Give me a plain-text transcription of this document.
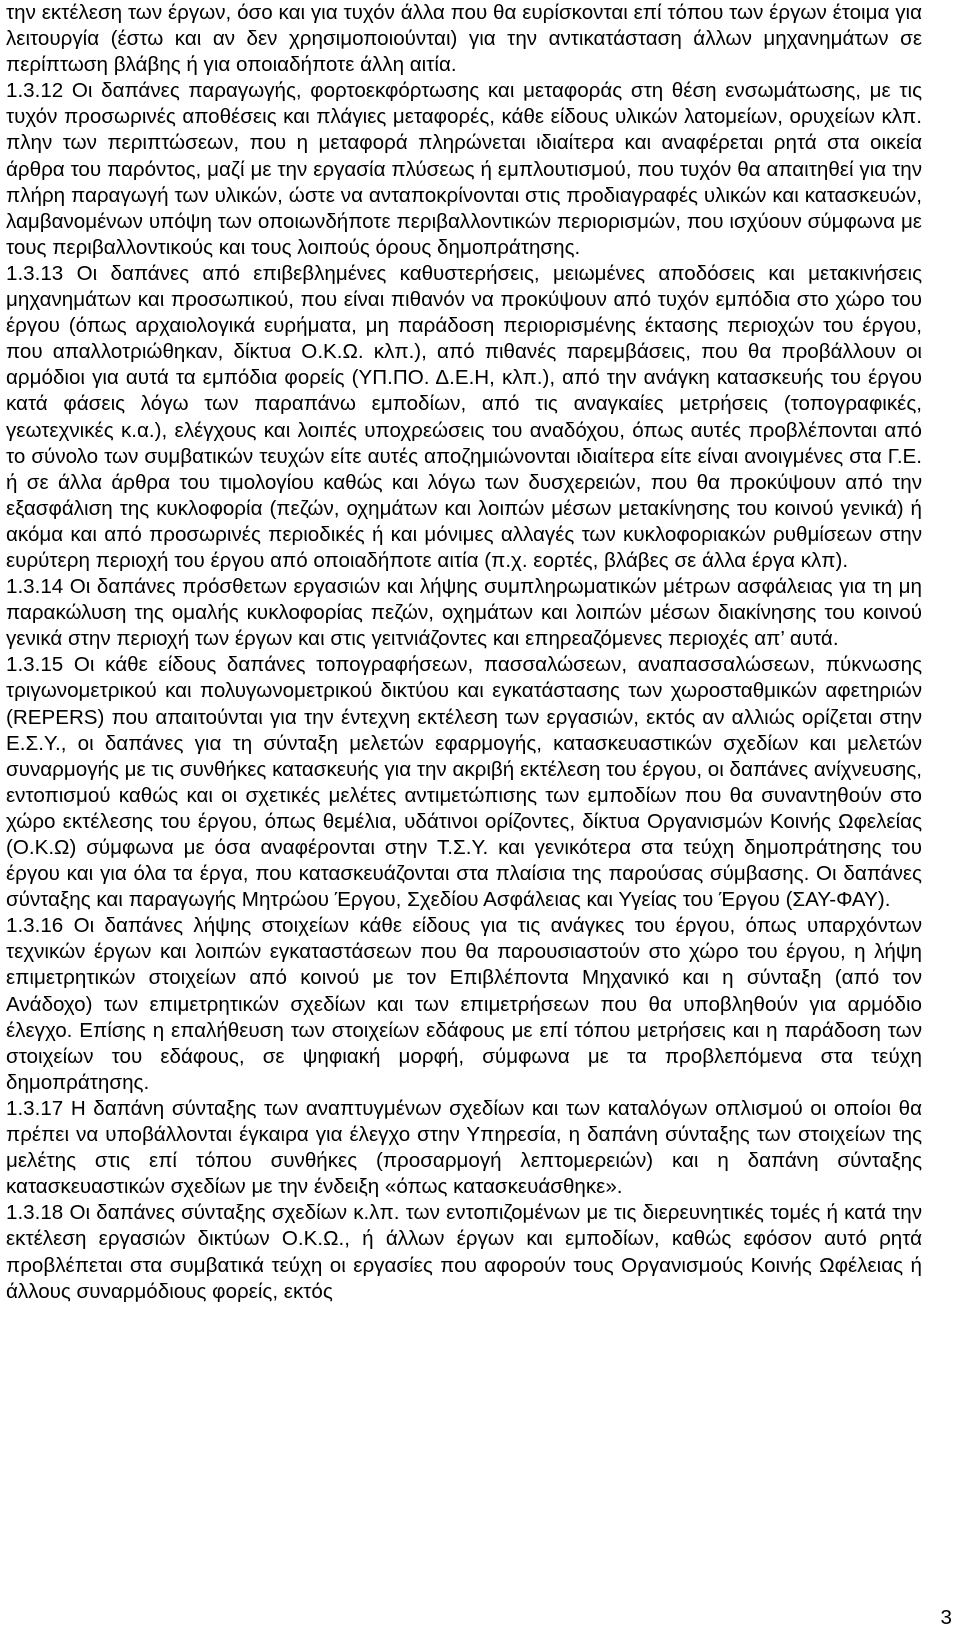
την εκτέλεση των έργων, όσο και για τυχόν άλλα που θα ευρίσκονται επί τόπου των έργων έτοιμα για λειτουργία (έστω και αν δεν χρησιμοποιούνται) για την αντικατάσταση άλλων μηχανημάτων σε περίπτωση βλάβης ή για οποιαδήποτε άλλη αιτία.

1.3.12 Οι δαπάνες παραγωγής, φορτοεκφόρτωσης και μεταφοράς στη θέση ενσωμάτωσης, με τις τυχόν προσωρινές αποθέσεις και πλάγιες μεταφορές, κάθε είδους υλικών λατομείων, ορυχείων κλπ. πλην των περιπτώσεων, που η μεταφορά πληρώνεται ιδιαίτερα και αναφέρεται ρητά στα οικεία άρθρα του παρόντος, μαζί με την εργασία πλύσεως ή εμπλουτισμού, που τυχόν θα απαιτηθεί για την πλήρη παραγωγή των υλικών, ώστε να ανταποκρίνονται στις προδιαγραφές υλικών και κατασκευών, λαμβανομένων υπόψη των οποιωνδήποτε περιβαλλοντικών περιορισμών, που ισχύουν σύμφωνα με τους περιβαλλοντικούς και τους λοιπούς όρους δημοπράτησης.

1.3.13 Οι δαπάνες από επιβεβλημένες καθυστερήσεις, μειωμένες αποδόσεις και μετακινήσεις μηχανημάτων και προσωπικού, που είναι πιθανόν να προκύψουν από τυχόν εμπόδια στο χώρο του έργου (όπως αρχαιολογικά ευρήματα, μη παράδοση περιορισμένης έκτασης περιοχών του έργου, που απαλλοτριώθηκαν, δίκτυα Ο.Κ.Ω. κλπ.), από πιθανές παρεμβάσεις, που θα προβάλλουν οι αρμόδιοι για αυτά τα εμπόδια φορείς (ΥΠ.ΠΟ. Δ.Ε.Η, κλπ.), από την ανάγκη κατασκευής του έργου κατά φάσεις λόγω των παραπάνω εμποδίων, από τις αναγκαίες μετρήσεις (τοπογραφικές, γεωτεχνικές κ.α.), ελέγχους και λοιπές υποχρεώσεις του αναδόχου, όπως αυτές προβλέπονται από το σύνολο των συμβατικών τευχών είτε αυτές αποζημιώνονται ιδιαίτερα είτε είναι ανοιγμένες στα Γ.Ε. ή σε άλλα άρθρα του τιμολογίου καθώς και λόγω των δυσχερειών, που θα προκύψουν από την εξασφάλιση της κυκλοφορία (πεζών, οχημάτων και λοιπών μέσων μετακίνησης του κοινού γενικά) ή ακόμα και από προσωρινές περιοδικές ή και μόνιμες αλλαγές των κυκλοφοριακών ρυθμίσεων στην ευρύτερη περιοχή του έργου από οποιαδήποτε αιτία (π.χ. εορτές, βλάβες σε άλλα έργα κλπ).

1.3.14 Οι δαπάνες πρόσθετων εργασιών και λήψης συμπληρωματικών μέτρων ασφάλειας για τη μη παρακώλυση της ομαλής κυκλοφορίας πεζών, οχημάτων και λοιπών μέσων διακίνησης του κοινού γενικά στην περιοχή των έργων και στις γειτνιάζοντες και επηρεαζόμενες περιοχές απ’ αυτά.

1.3.15 Οι κάθε είδους δαπάνες τοπογραφήσεων, πασσαλώσεων, αναπασσαλώσεων, πύκνωσης τριγωνομετρικού και πολυγωνομετρικού δικτύου και εγκατάστασης των χωροσταθμικών αφετηριών (REPERS) που απαιτούνται για την έντεχνη εκτέλεση των εργασιών, εκτός αν αλλιώς ορίζεται στην Ε.Σ.Υ., οι δαπάνες για τη σύνταξη μελετών εφαρμογής, κατασκευαστικών σχεδίων και μελετών συναρμογής με τις συνθήκες κατασκευής για την ακριβή εκτέλεση του έργου, οι δαπάνες ανίχνευσης, εντοπισμού καθώς και οι σχετικές μελέτες αντιμετώπισης των εμποδίων που θα συναντηθούν στο χώρο εκτέλεσης του έργου, όπως θεμέλια, υδάτινοι ορίζοντες, δίκτυα Οργανισμών Κοινής Ωφελείας (Ο.Κ.Ω) σύμφωνα με όσα αναφέρονται στην Τ.Σ.Υ. και γενικότερα στα τεύχη δημοπράτησης του έργου και για όλα τα έργα, που κατασκευάζονται στα πλαίσια της παρούσας σύμβασης. Οι δαπάνες σύνταξης και παραγωγής Μητρώου Έργου, Σχεδίου Ασφάλειας και Υγείας του Έργου (ΣΑΥ-ΦΑΥ).

1.3.16 Οι δαπάνες λήψης στοιχείων κάθε είδους για τις ανάγκες του έργου, όπως υπαρχόντων τεχνικών έργων και λοιπών εγκαταστάσεων που θα παρουσιαστούν στο χώρο του έργου, η λήψη επιμετρητικών στοιχείων από κοινού με τον Επιβλέποντα Μηχανικό και η σύνταξη (από τον Ανάδοχο) των επιμετρητικών σχεδίων και των επιμετρήσεων που θα υποβληθούν για αρμόδιο έλεγχο. Επίσης η επαλήθευση των στοιχείων εδάφους με επί τόπου μετρήσεις και η παράδοση των στοιχείων του εδάφους, σε ψηφιακή μορφή, σύμφωνα με τα προβλεπόμενα στα τεύχη δημοπράτησης.

1.3.17 Η δαπάνη σύνταξης των αναπτυγμένων σχεδίων και των καταλόγων οπλισμού οι οποίοι θα πρέπει να υποβάλλονται έγκαιρα για έλεγχο στην Υπηρεσία, η δαπάνη σύνταξης των στοιχείων της μελέτης στις επί τόπου συνθήκες (προσαρμογή λεπτομερειών) και η δαπάνη σύνταξης κατασκευαστικών σχεδίων με την ένδειξη «όπως κατασκευάσθηκε».

1.3.18 Οι δαπάνες σύνταξης σχεδίων κ.λπ. των εντοπιζομένων με τις διερευνητικές τομές ή κατά την εκτέλεση εργασιών δικτύων Ο.Κ.Ω., ή άλλων έργων και εμποδίων, καθώς εφόσον αυτό ρητά προβλέπεται στα συμβατικά τεύχη οι εργασίες που αφορούν τους Οργανισμούς Κοινής Ωφέλειας ή άλλους συναρμόδιους φορείς, εκτός

3
